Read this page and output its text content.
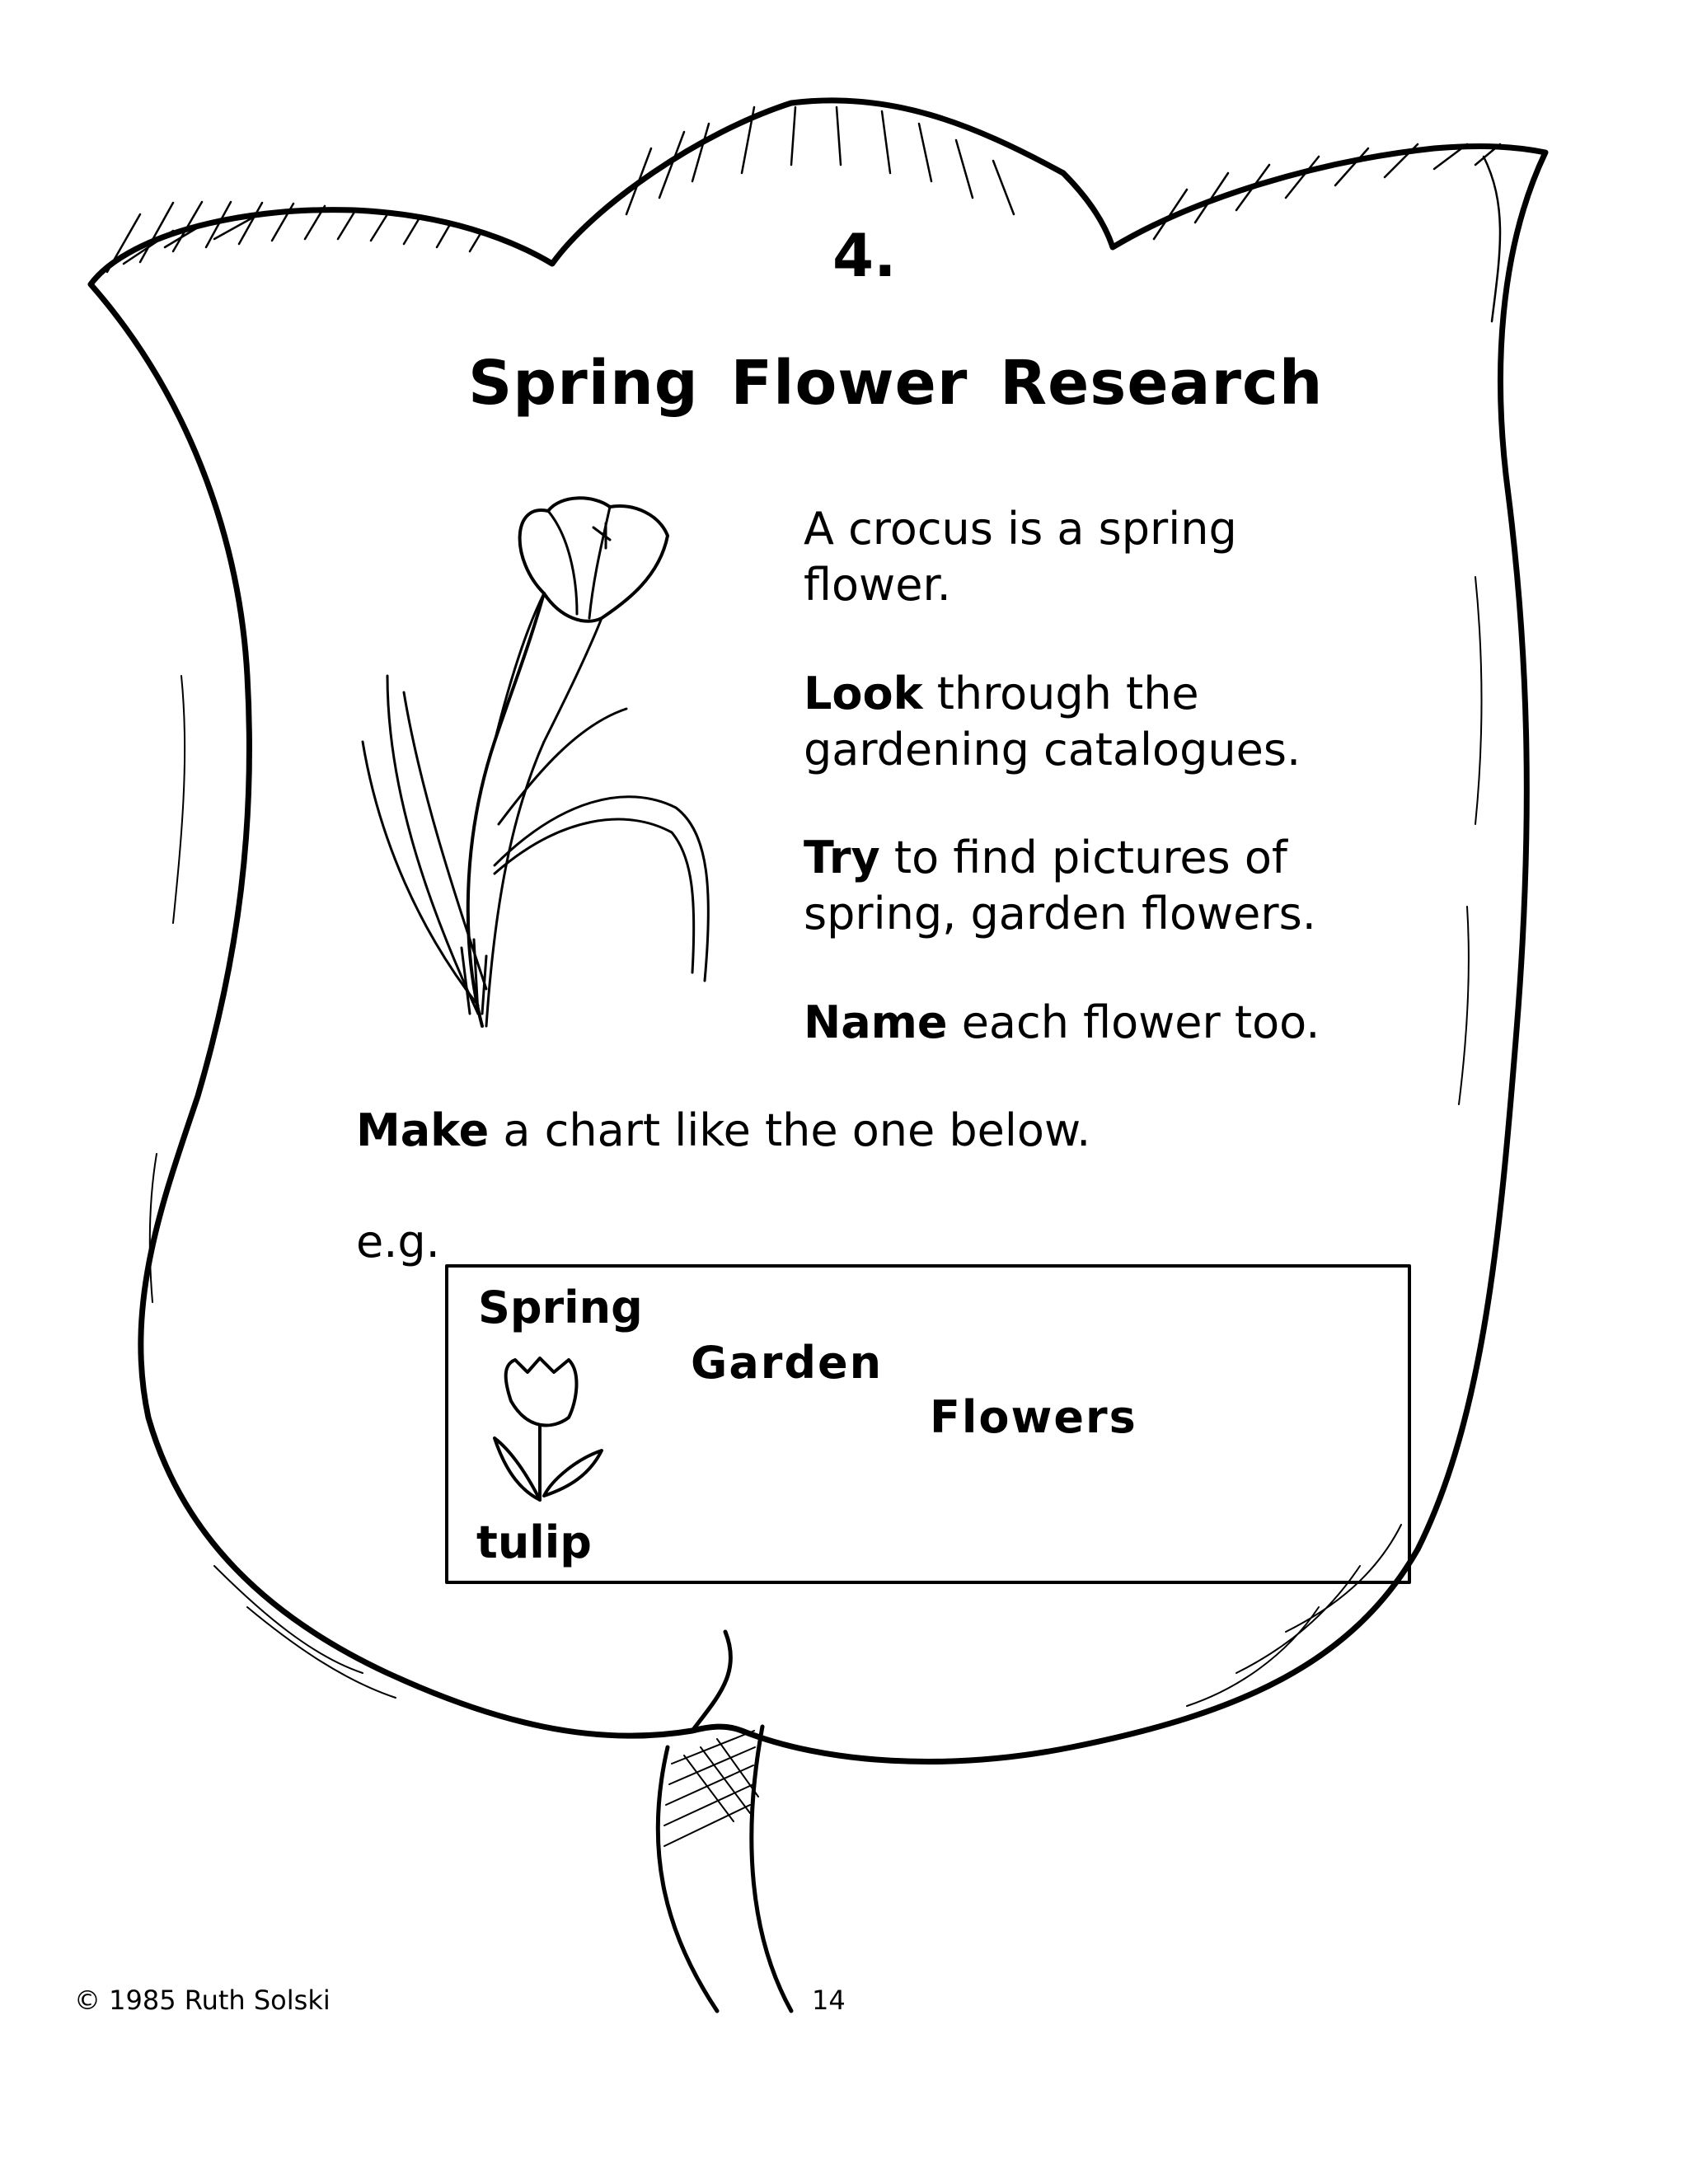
4.
Spring Flower Research

A crocus is a spring
flower.

Look through the
gardening catalogues.

Try to find pictures of
spring, garden flowers.

Name each flower too.

Make a chart like the one below.

e.g.
Spring
Garden
Flowers
tulip
© 1985 Ruth Solski	14
